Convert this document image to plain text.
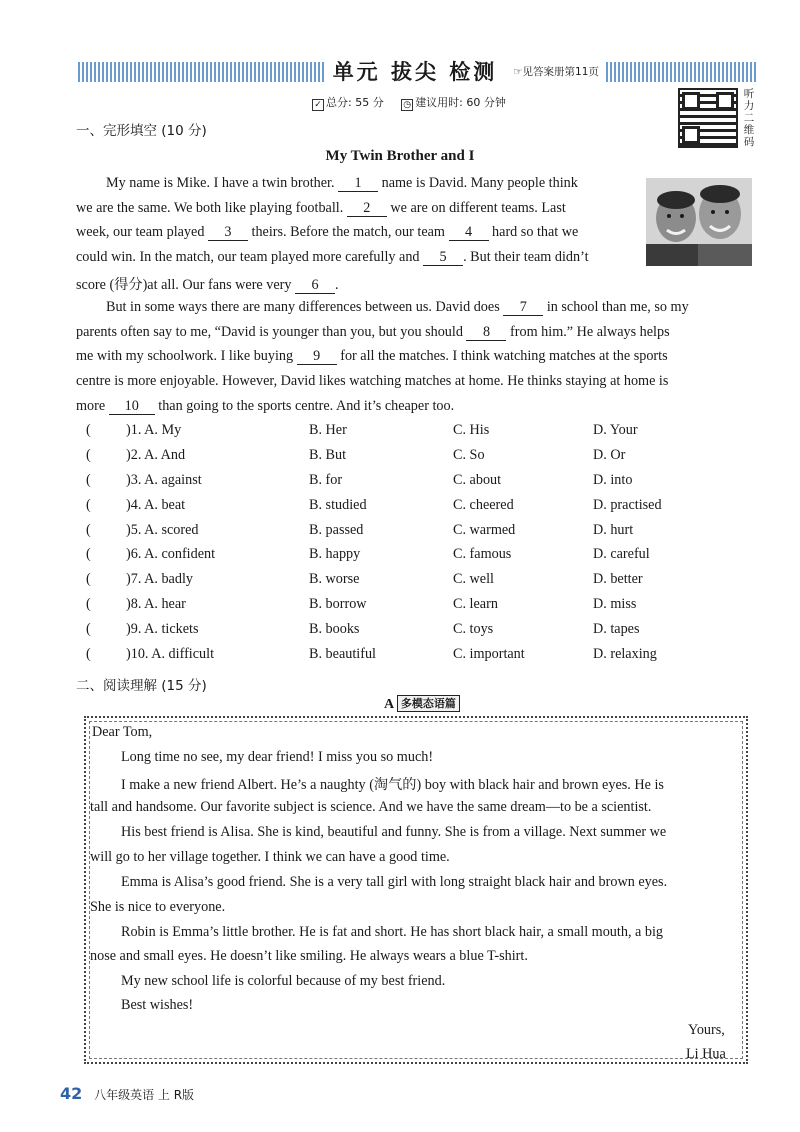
单元 拔尖 检测	☞见答案册第11页
✓ 总分: 55 分 ◷ 建议用时: 60 分钟
听力二维码
一、完形填空 (10 分)
My Twin Brother and I
My name is Mike. I have a twin brother. 1 name is David. Many people think
we are the same. We both like playing football. 2 we are on different teams. Last
week, our team played 3 theirs. Before the match, our team 4 hard so that we
could win. In the match, our team played more carefully and 5 . But their team didn’t
score (得分)at all. Our fans were very 6 .
But in some ways there are many differences between us. David does 7 in school than me, so my
parents often say to me, “David is younger than you, but you should 8 from him.” He always helps
me with my schoolwork. I like buying 9 for all the matches. I think watching matches at the sports
centre is more enjoyable. However, David likes watching matches at home. He thinks staying at home is
more 10 than going to the sports centre. And it’s cheaper too.
( )1. A. My	B. Her	C. His	D. Your
( )2. A. And	B. But	C. So	D. Or
( )3. A. against	B. for	C. about	D. into
( )4. A. beat	B. studied	C. cheered	D. practised
( )5. A. scored	B. passed	C. warmed	D. hurt
( )6. A. confident	B. happy	C. famous	D. careful
( )7. A. badly	B. worse	C. well	D. better
( )8. A. hear	B. borrow	C. learn	D. miss
( )9. A. tickets	B. books	C. toys	D. tapes
( )10. A. difficult	B. beautiful	C. important	D. relaxing
二、阅读理解 (15 分)
A 多模态语篇
Dear Tom,
Long time no see, my dear friend! I miss you so much!
I make a new friend Albert. He’s a naughty (淘气的) boy with black hair and brown eyes. He is
tall and handsome. Our favorite subject is science. And we have the same dream—to be a scientist.
His best friend is Alisa. She is kind, beautiful and funny. She is from a village. Next summer we
will go to her village together. I think we can have a good time.
Emma is Alisa’s good friend. She is a very tall girl with long straight black hair and brown eyes.
She is nice to everyone.
Robin is Emma’s little brother. He is fat and short. He has short black hair, a small mouth, a big
nose and small eyes. He doesn’t like smiling. He always wears a blue T-shirt.
My new school life is colorful because of my best friend.
Best wishes!
Yours,
Li Hua
42 八年级英语 上 R版
